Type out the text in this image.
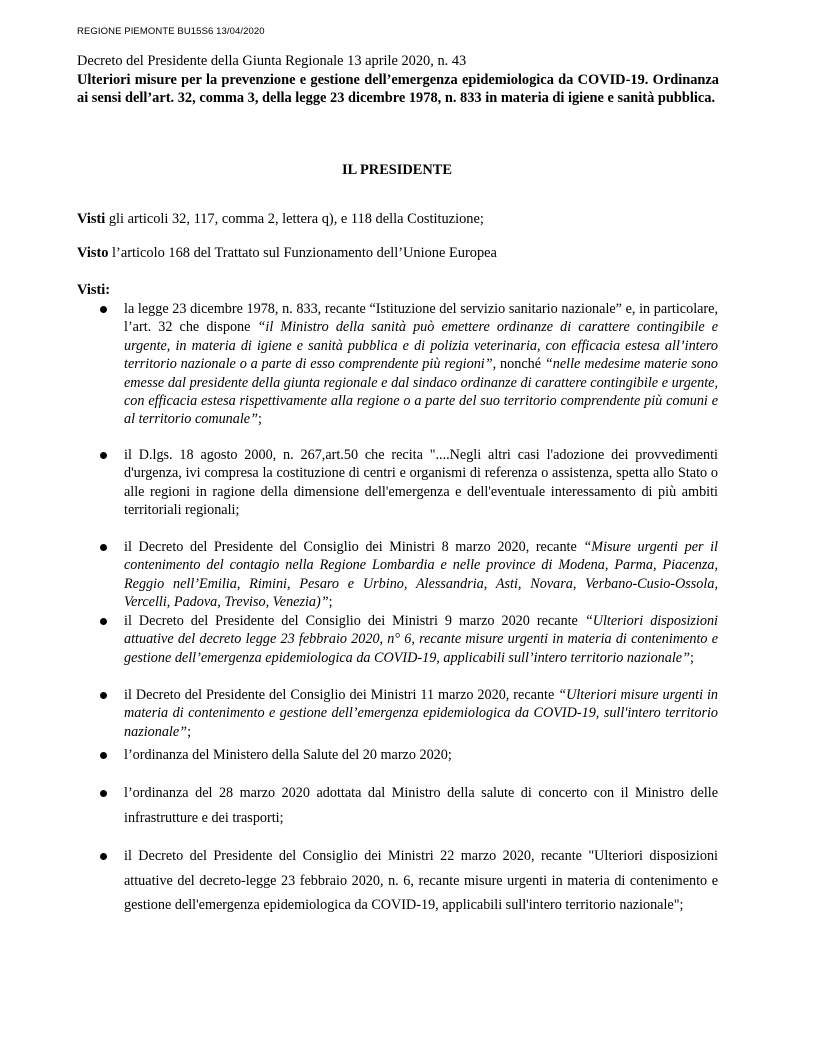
REGIONE PIEMONTE BU15S6 13/04/2020

Decreto del Presidente della Giunta Regionale 13 aprile 2020, n. 43

Ulteriori misure per la prevenzione e gestione dell’emergenza epidemiologica da COVID-19. Ordinanza ai sensi dell’art. 32, comma 3, della legge 23 dicembre 1978, n. 833 in materia di igiene e sanità pubblica.

IL PRESIDENTE
Visti gli articoli 32, 117, comma 2, lettera q), e 118 della Costituzione;
Visto l’articolo 168 del Trattato sul Funzionamento dell’Unione Europea
Visti:
la legge 23 dicembre 1978, n. 833, recante “Istituzione del servizio sanitario nazionale” e, in particolare, l’art. 32 che dispone “il Ministro della sanità può emettere ordinanze di carattere contingibile e urgente, in materia di igiene e sanità pubblica e di polizia veterinaria, con efficacia estesa all’intero territorio nazionale o a parte di esso comprendente più regioni”, nonché “nelle medesime materie sono emesse dal presidente della giunta regionale e dal sindaco ordinanze di carattere contingibile e urgente, con efficacia estesa rispettivamente alla regione o a parte del suo territorio comprendente più comuni e al territorio comunale”;
il D.lgs. 18 agosto 2000, n. 267,art.50 che recita "....Negli altri casi l'adozione dei provvedimenti d'urgenza, ivi compresa la costituzione di centri e organismi di referenza o assistenza, spetta allo Stato o alle regioni in ragione della dimensione dell'emergenza e dell'eventuale interessamento di più ambiti territoriali regionali;
il Decreto del Presidente del Consiglio dei Ministri 8 marzo 2020, recante “Misure urgenti per il contenimento del contagio nella Regione Lombardia e nelle province di Modena, Parma, Piacenza, Reggio nell’Emilia, Rimini, Pesaro e Urbino, Alessandria, Asti, Novara, Verbano-Cusio-Ossola, Vercelli, Padova, Treviso, Venezia)”;
il Decreto del Presidente del Consiglio dei Ministri 9 marzo 2020 recante “Ulteriori disposizioni attuative del decreto legge 23 febbraio 2020, n° 6, recante misure urgenti in materia di contenimento e gestione dell’emergenza epidemiologica da COVID-19, applicabili sull’intero territorio nazionale”;
il Decreto del Presidente del Consiglio dei Ministri 11 marzo 2020, recante “Ulteriori misure urgenti in materia di contenimento e gestione dell’emergenza epidemiologica da COVID-19, sull'intero territorio nazionale”;
l’ordinanza del Ministero della Salute del 20 marzo 2020;
l’ordinanza del 28 marzo 2020 adottata dal Ministro della salute di concerto con il Ministro delle infrastrutture e dei trasporti;
il Decreto del Presidente del Consiglio dei Ministri 22 marzo 2020, recante "Ulteriori disposizioni attuative del decreto-legge 23 febbraio 2020, n. 6, recante misure urgenti in materia di contenimento e gestione dell'emergenza epidemiologica da COVID-19, applicabili sull'intero territorio nazionale";
